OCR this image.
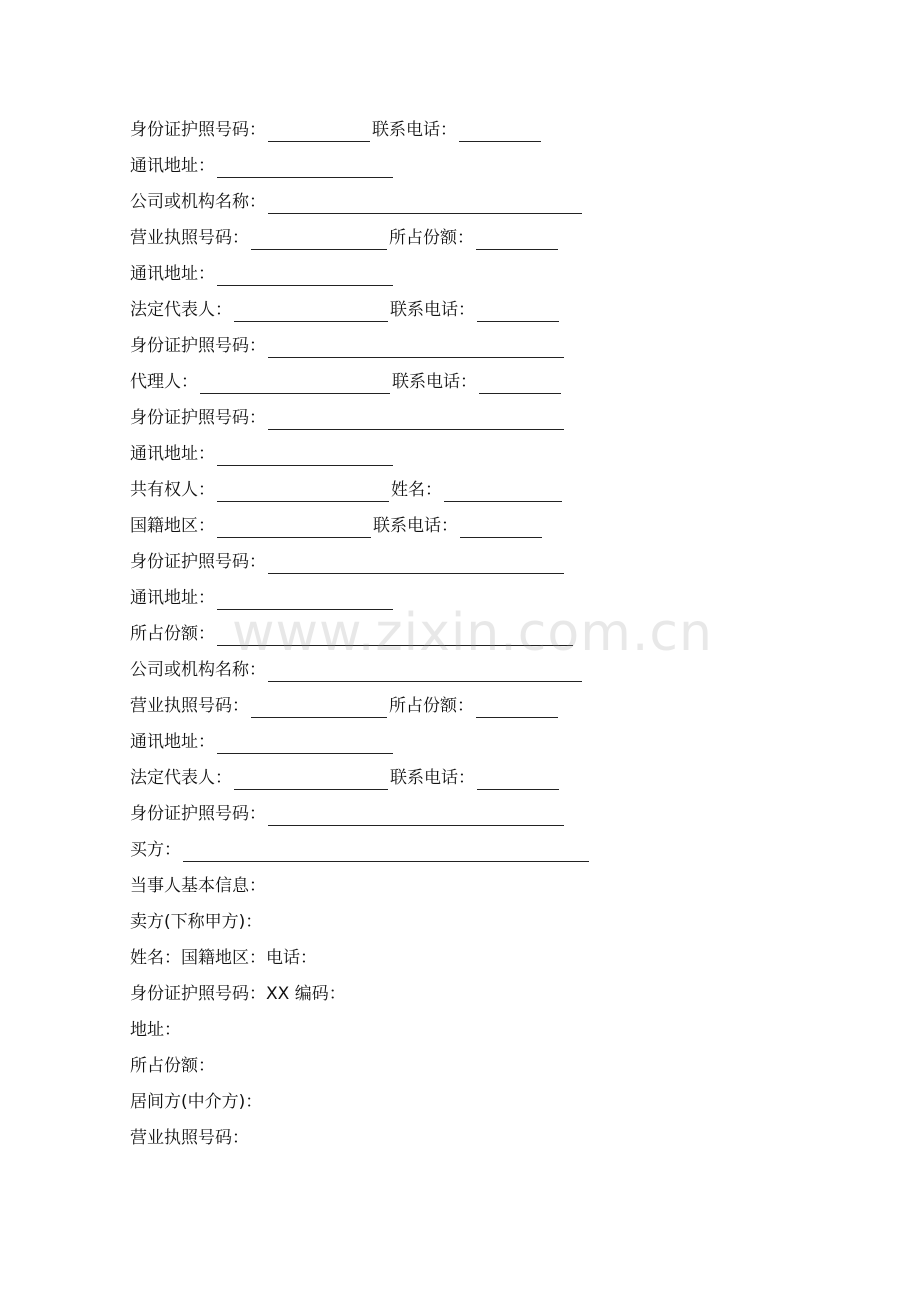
身份证护照号码：	联系电话：
通讯地址：
公司或机构名称：
营业执照号码：	所占份额：
通讯地址：
法定代表人：	联系电话：
身份证护照号码：
代理人：	联系电话：
身份证护照号码：
通讯地址：
共有权人：	姓名：
国籍地区：	联系电话：
身份证护照号码：
通讯地址：
所占份额：
公司或机构名称：
营业执照号码：	所占份额：
通讯地址：
法定代表人：	联系电话：
身份证护照号码：
买方：
当事人基本信息：
卖方(下称甲方)：
姓名：国籍地区：电话：
身份证护照号码：XX 编码：
地址：
所占份额：
居间方(中介方)：
营业执照号码：
www.zixin.com.cn
